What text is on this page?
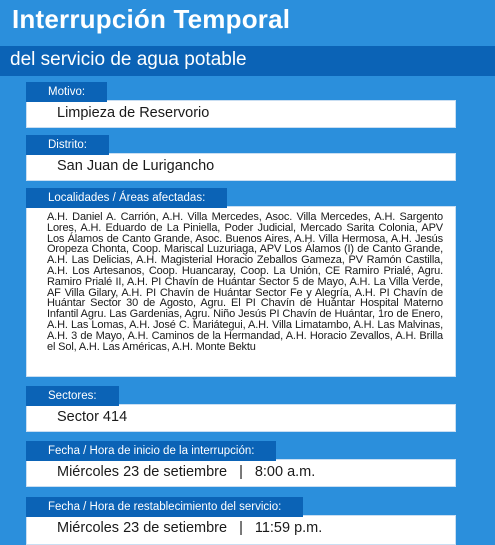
Interrupción Temporal
del servicio de agua potable
Motivo:
Limpieza de Reservorio
Distrito:
San Juan de Lurigancho
Localidades / Áreas afectadas:
A.H. Daniel A. Carrión, A.H. Villa Mercedes, Asoc. Villa Mercedes, A.H. Sargento Lores, A.H. Eduardo de La Piniella, Poder Judicial, Mercado Sarita Colonia, APV Los Álamos de Canto Grande, Asoc. Buenos Aires, A.H. Villa Hermosa, A.H. Jesús Oropeza Chonta, Coop. Mariscal Luzuriaga, APV Los Álamos (I) de Canto Grande, A.H. Las Delicias, A.H. Magisterial Horacio Zeballos Gameza, PV Ramón Castilla, A.H. Los Artesanos, Coop. Huancaray, Coop. La Unión, CE Ramiro Prialé, Agru. Ramiro Prialé II, A.H. PI Chavín de Huántar Sector 5 de Mayo, A.H. La Villa Verde, AF Villa Gilary, A.H. PI Chavín de Huántar Sector Fe y Alegría, A.H. PI Chavín de Huántar Sector 30 de Agosto, Agru. El PI Chavín de Huántar Hospital Materno Infantil Agru. Las Gardenias, Agru. Niño Jesús PI Chavín de Huántar, 1ro de Enero, A.H. Las Lomas, A.H. José C. Mariátegui, A.H. Villa Limatambo, A.H. Las Malvinas, A.H. 3 de Mayo, A.H. Caminos de la Hermandad, A.H. Horacio Zevallos, A.H. Brilla el Sol, A.H. Las Américas, A.H. Monte Bektu
Sectores:
Sector 414
Fecha / Hora de inicio de la interrupción:
Miércoles 23 de setiembre | 8:00 a.m.
Fecha / Hora de restablecimiento del servicio:
Miércoles 23 de setiembre | 11:59 p.m.
